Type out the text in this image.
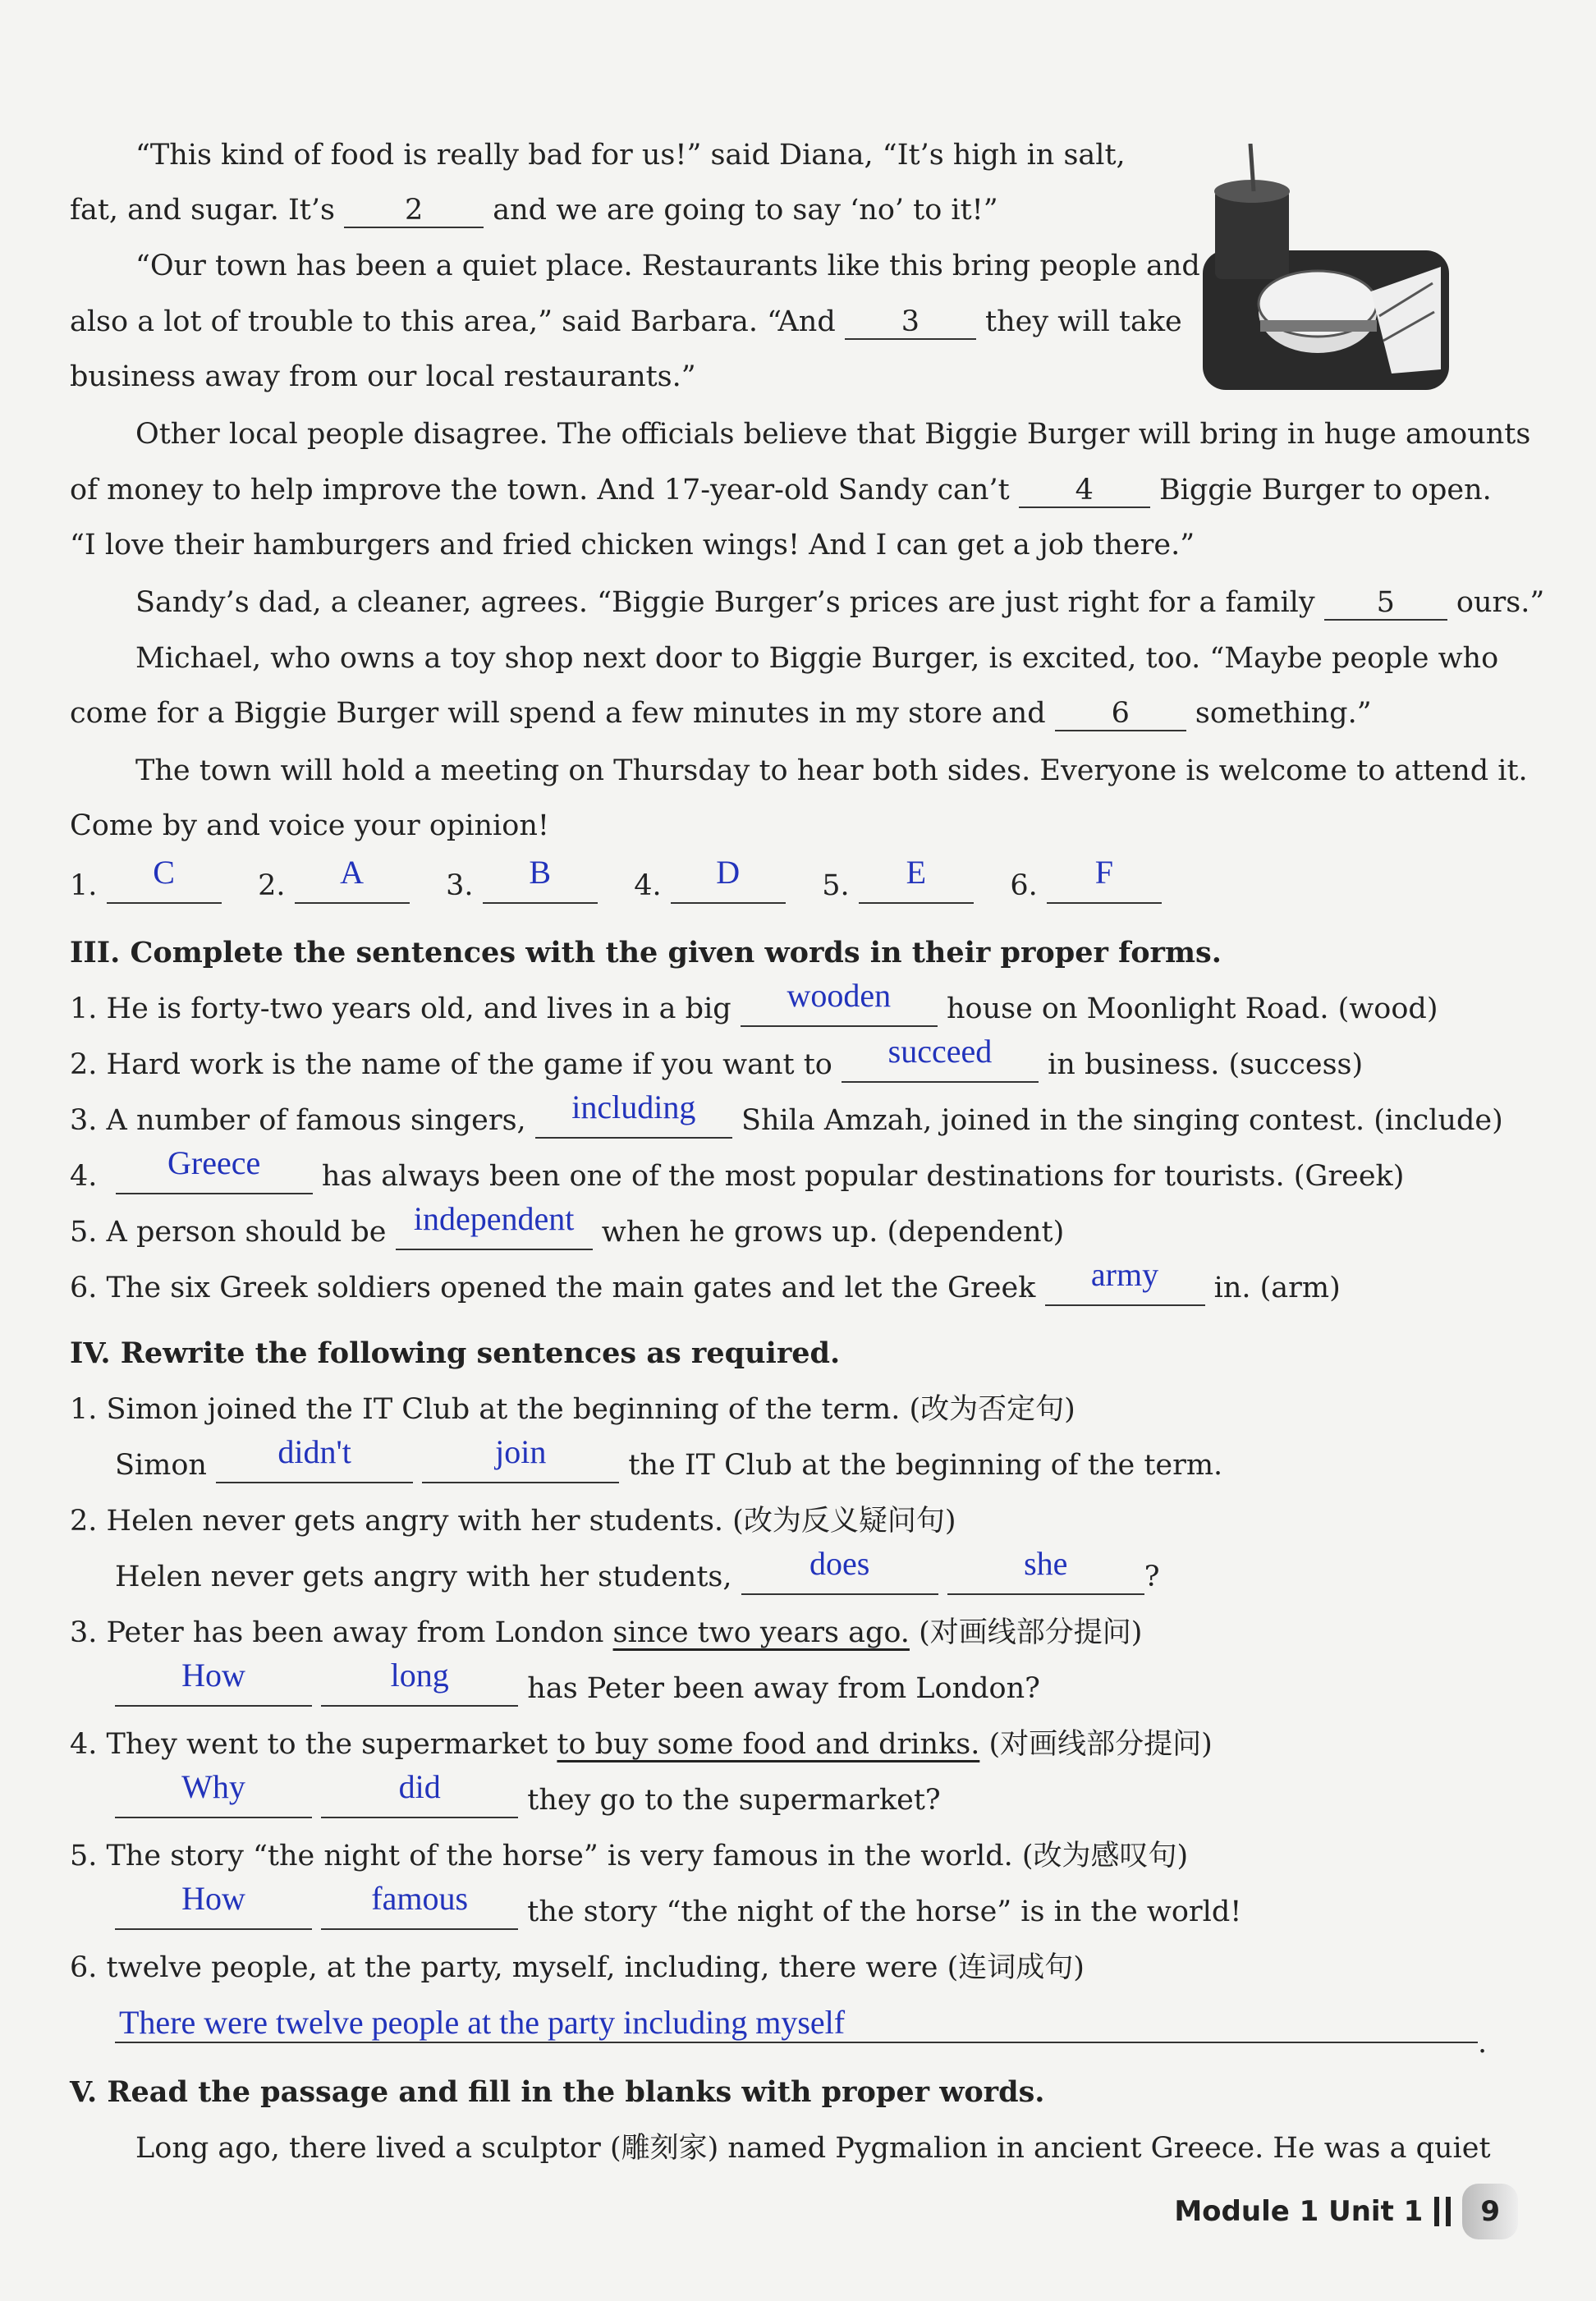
“This kind of food is really bad for us!” said Diana, “It’s high in salt,
fat, and sugar. It’s 2 and we are going to say ‘no’ to it!”
“Our town has been a quiet place. Restaurants like this bring people and
also a lot of trouble to this area,” said Barbara. “And 3 they will take
business away from our local restaurants.”
Other local people disagree. The officials believe that Biggie Burger will bring in huge amounts
of money to help improve the town. And 17-year-old Sandy can’t 4 Biggie Burger to open.
“I love their hamburgers and fried chicken wings! And I can get a job there.”
Sandy’s dad, a cleaner, agrees. “Biggie Burger’s prices are just right for a family 5 ours.”
Michael, who owns a toy shop next door to Biggie Burger, is excited, too. “Maybe people who
come for a Biggie Burger will spend a few minutes in my store and 6 something.”
The town will hold a meeting on Thursday to hear both sides. Everyone is welcome to attend it.
Come by and voice your opinion!
1. C	2. A	3. B	4. D	5. E	6. F
III. Complete the sentences with the given words in their proper forms.
1. He is forty-two years old, and lives in a big wooden house on Moonlight Road. (wood)
2. Hard work is the name of the game if you want to succeed in business. (success)
3. A number of famous singers, including Shila Amzah, joined in the singing contest. (include)
4. Greece has always been one of the most popular destinations for tourists. (Greek)
5. A person should be independent when he grows up. (dependent)
6. The six Greek soldiers opened the main gates and let the Greek army in. (arm)
IV. Rewrite the following sentences as required.
1. Simon joined the IT Club at the beginning of the term. (改为否定句)
Simon didn't	join	the IT Club at the beginning of the term.
2. Helen never gets angry with her students. (改为反义疑问句)
Helen never gets angry with her students, does	she	?
3. Peter has been away from London since two years ago. (对画线部分提问)
How	long	has Peter been away from London?
4. They went to the supermarket to buy some food and drinks. (对画线部分提问)
Why	did	they go to the supermarket?
5. The story “the night of the horse” is very famous in the world. (改为感叹句)
How	famous the story “the night of the horse” is in the world!
6. twelve people, at the party, myself, including, there were (连词成句)
There were twelve people at the party including myself
.
V. Read the passage and fill in the blanks with proper words.
Long ago, there lived a sculptor (雕刻家) named Pygmalion in ancient Greece. He was a quiet
Module 1 Unit 1	9
